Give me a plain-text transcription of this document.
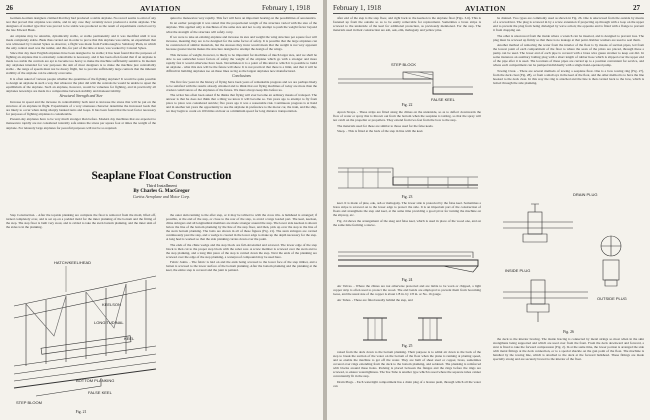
26	AVIATION	February 1, 1918

German-Gorman designers claimed that they had produced a stable airplane. No record seems to exist of any test that proved that airplane was stable, and in any case they certainly never produced a stable airplane. The designers of normal type that was proved to be stable was produced as the result of experiments carried out by the late Edward Busk.

An airplane may be unstable, dynamically stable, or stable permanently and it was modified until it was made completely stable. Busk thus carried out in order to prove that this airplane was stable, an experiment that was witnessed by Colonel Sykes as observer, a flight was made from Farnborough to Salisbury Plain, in which the only control used was the rudder, and this, for part of the time at least, was worked by Colonel Sykes.

Since that day most English airplanes have been designed to be stable; it has been found that the purposes of fighting an airplane that is extremely controllable is necessary, and it has been often found that if an airplane is made too stable the controls are apt to become too heavy to make the machine sufficiently sensitive. In modern day airplanes intended for war purposes the aim of most designers is to make the machine just controllably stable - the range of speeds must not be dreary flight, but to provide sufficiently large controls that the inherent stability of the airplane can be entirely overcome.

It is often asked of various people whether the quantities of the fighting airplane? It would be quite possible to design an airplane in such a way that whatever the pilot did with the controls he would be unable to upset the equilibrium of the airplane. Such an airplane, however, would be valueless for fighting, and in practically all airplanes nowadays are made in a compromise between stability and manoeuvrability.

Structural Strength and Size

Increase in speed and the increase in controllability both tend to increase the stress that will be put on the structure of an airplane in flight. Experiments of a very strenuous character determine the increased loads that are likely to occur when doing sharply banked turns and loops. It has been found that the load factor necessary for purposes of fighting airplanes is considerable.

Present-day airplanes have to be very much stronger than before. Modern day machines that are expected to manoeuvre rapidly are not considered tolerably safe unless the stress per square foot at times the weight of the airplane. For leisurely large airplanes for peaceful purposes will not be so required.

quired to manoeuvre very rapidly. This fact will have an important bearing on the possibilities of aeronautics.

In an earlier paragraph it was stated that the proportional weight of the structure varied with the size of the airplane. This applied only to machines of the same size and not to any attempt to push the weight factor beyond what the strength of the structure will safely carry.

If we were to take an existing airplane and increase its size and weight the wing structure per square foot will increase, meaning they are to be designed for the same factor of safety. It is possible that the large airplanes can be constructed of similar materials, but the stresses they incur would mean that the weight is not very apparent because greater inertia makes the structure designed to attempt the design of the wings.

This increase of weight, however, is likely to be important for machines of much larger size, and we shall be able to see somewhat lower factors of safety the weight of the airplane which go with a stronger and more rapidly fast it would otherwise have been. Nevertheless it is a point of this kind to which it is possible to build an airplane - what this size will be the future will show. It is not practical that there is a limit, and that it will be difficult in building airplanes too on these lines as big as the largest airplanes now manufactured.

Conclusions

The first few years in the history of flying have been years of remarkable progress and we are perhaps likely to be satisfied with the results already obtained and to think that our flying machines of today are more than the crudest contrivances of the airplanes of the future. We must always keep this before us.

The writer has often been asked if he thinks that flying will ever become an ordinary means of transport. The answer is that he does not think that a thing we know it will become so. Ten years ago to attempt to fly from place to place was considered suicide; five years ago it was a reasonable risk. Continuous progress is at hand and in another ten years the opportunity to use the airplane in preference to the motor car, the train, and the ship, we may begin to count on 100 miles an hour as a minimum speed for long distance transportation.

Seaplane Float Construction
Third Installment
By Charles G. MacGregor
Curtiss Aeroplane and Motor Corp.

Step Construction. - After the topside planking are complete the float is removed from the mold, lifted off, turned completely over, and is set up on a padded mold for the inner planking of the bottom and the fitting of the step. The step floor is built very stout, and is cabled to take the stern bottom planking, and the inner skin of the sides is in the planking.

the outer skin running to the after step, or it may be tabbed to with the cross ribs. A bulkhead is arranged; if possible, at the end of the step, or close to the rear of the step, to avoid a large loaded part. The keel, keelson, chine stringers and all longitudinal members are made stronger around the step. The lower side keelson is shown below the line of the bottom planking by the line of the step floor, and then, pick up over the step to the line of the stern bottom planking. The bolts are shown in all of these figures (Fig. 21). The stern stringers are carried continuously past the step, and a wedge is created in the lower edge to make up the depth necessary for the step. A long heel is worked so that the side planking carries down over the point.

The ends of the chine wedge and the step block are full-dovetailed and screwed. The lower edge of the step block is then cut to the proper step block with the saber saw. A screw member is screwed over the stern and to the step planking, and a long thin piece of the step is carried down the step. Next the ends of the planking are screwed over the edge of the step planking, a waterproof compound may be used here.

Fabric Joints. - The fabric is laid on and the ends being screwed to the lower face of the step timber, and a batten is screwed to the lower surface of the bottom planking. After the bottom planking and the planking at the keel, the entire step is covered and the joint is painted.

HATCH/KEEL/HEAD
KEELSON
LONGITUDINAL
KEEL
BOTTOM PLANKING
FALSE KEEL
STEP BLOOM
Fig. 21
February 1, 1918	AVIATION	27

after end of the step is the step floor, and right back to the keelson is the airplane float (Figs. 3-6). This is fastened up from the outside so as to be easily removable for replacement. Sometimes a brass stripe is screwed to the underside of the keel for additional protection, as previously mentioned. For the step. The materials used in their construction are ash, oak, elm, mahogany and yellow pine.

STEP BLOCK
FALSE KEEL
Fig. 22

Apron Straps. - These strips are fitted along the chines on the underside, so as to deflect downwards the flow of water or spray that is thrown out from the bottom when the seaplane is taxiing, so that the spray will not catch on the propeller or propellers. They extend from two feet from the bow to the step.

The materials used for these are similar to those used for the false keels.

Sleep. - This is fitted at the back of the step in line with the keel.

Fig. 23

keel. It is made of pine, oak, ash or mahogany. The lower side is protected by the false keel. Sometimes a brass stripe is screwed on to the lower edge to protect the side. It is an important part of the construction of floats and strengthens the step and keel, at the same time providing a good pivot for turning the machine on the slipway, etc.

Fig. 24 shows the arrangement of the skeg and false keel, which is used in place of the wood one, and on the same time forming a sleeve.

Fig. 24

Air Valves. - Where the chines are not otherwise protected and are liable to be worn or chipped, a light copper strip is often used to protect the wood. The end bends are employed to prevent them from becoming loose, and the usual size of the copper is about 1/8 in. by 1/8 in. or No. 16 gauge.

Air Tubes. - These are fitted usually behind the step, and

Fig. 25

raised from the deck down to the bottom planking. Their purpose is to admit air down to the back of the step to break the suction of the water on the bottom of the float when the plane is running at planing speed, and so enable the machine to get off the water. They are built of sheet steel or copper, brass, sometimes covered over rings extending from the deck to the bottom planking, and soldered. The planking is reinforced with blocks around these holes. Packing is placed between the flanges and the rings before the rings are screwed, to ensure watertightness. The Tee Tube is another type which is used where the separate tubes cannot conveniently fit in the step.

Drain Plugs. - Each watertight compartment has a drain plug of a bronze push, through which all the water can

be drained. Two types are commonly used as shown in Fig. 26. One is unscrewed from the outside by means of a screwdriver. The plug is screwed in by a screw extension if projecting up through with a loop on the upper end to prevent the plug from being dislodged by wave action; the opposite end is fitted with a flange to prevent it from dropping out.

The other is unscrewed from the inside where a wrench can be inserted, and is designed to prevent loss. The plug must be screwed up firmly so that there is no leakage at that point. Rubber washers are used to seal them.

Another method of removing the water from the interior of the float is by means of suction pipes, led from the lowest point of each compartment of the float to where the seats of the pilots are placed, through these a pump can be used. The lower end of each pipe is covered with a brass wire gauze strainer to keep out dirt. In some instances an auxiliary bailing plug with a short length of rubber hose which is slipped over the upper end of the pipe after it is used. The locations of these pipes are carried up to a position convenient for service, and where each compartment can be pumped individually with a single hand-operated pump.

Towing Cleat. - There are several methods of towing a seaplane float. One is a bow towing ring (Fig. 27), from the deck cleat (Fig. 28), or from a small eye in the keel of the float, and the other method is to have the line hooked to the deck cleat. In this way the ring is attached and the line is then carried back to the bow, which is bolted through the side planking.

DRAIN PLUG
INSIDE PLUG
OUTSIDE PLUG
Fig. 26

the deck to the interior bracing. The inside bracing is connected by metal strings so most when in the skin strengthens being supported and which are used over from the front. From the deck downward and forward, a strut is fixed to take the forward compression (Fig. 2). In at the same time, the lower portion is arranged the side with metal fittings at the deck connection, or to a special shackle on the gun point of the float. The machine is handled by the towing line, which is attached to the deck at the forward bulkhead. These fittings are made specially strong and are securely braced to the interior of the float.
